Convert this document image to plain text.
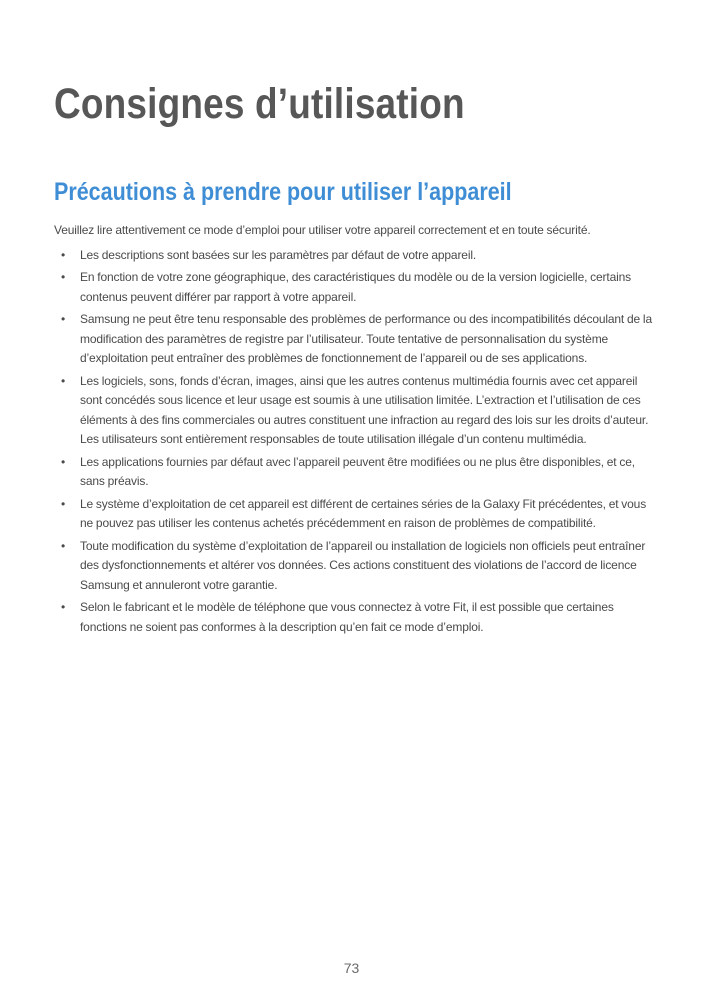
Consignes d’utilisation
Précautions à prendre pour utiliser l’appareil

Veuillez lire attentivement ce mode d’emploi pour utiliser votre appareil correctement et en toute sécurité.

• Les descriptions sont basées sur les paramètres par défaut de votre appareil.
• En fonction de votre zone géographique, des caractéristiques du modèle ou de la version logicielle, certains contenus peuvent différer par rapport à votre appareil.
• Samsung ne peut être tenu responsable des problèmes de performance ou des incompatibilités découlant de la modification des paramètres de registre par l’utilisateur. Toute tentative de personnalisation du système d’exploitation peut entraîner des problèmes de fonctionnement de l’appareil ou de ses applications.
• Les logiciels, sons, fonds d’écran, images, ainsi que les autres contenus multimédia fournis avec cet appareil sont concédés sous licence et leur usage est soumis à une utilisation limitée. L’extraction et l’utilisation de ces éléments à des fins commerciales ou autres constituent une infraction au regard des lois sur les droits d’auteur. Les utilisateurs sont entièrement responsables de toute utilisation illégale d’un contenu multimédia.
• Les applications fournies par défaut avec l’appareil peuvent être modifiées ou ne plus être disponibles, et ce, sans préavis.
• Le système d’exploitation de cet appareil est différent de certaines séries de la Galaxy Fit précédentes, et vous ne pouvez pas utiliser les contenus achetés précédemment en raison de problèmes de compatibilité.
• Toute modification du système d’exploitation de l’appareil ou installation de logiciels non officiels peut entraîner des dysfonctionnements et altérer vos données. Ces actions constituent des violations de l’accord de licence Samsung et annuleront votre garantie.
• Selon le fabricant et le modèle de téléphone que vous connectez à votre Fit, il est possible que certaines fonctions ne soient pas conformes à la description qu’en fait ce mode d’emploi.
73
